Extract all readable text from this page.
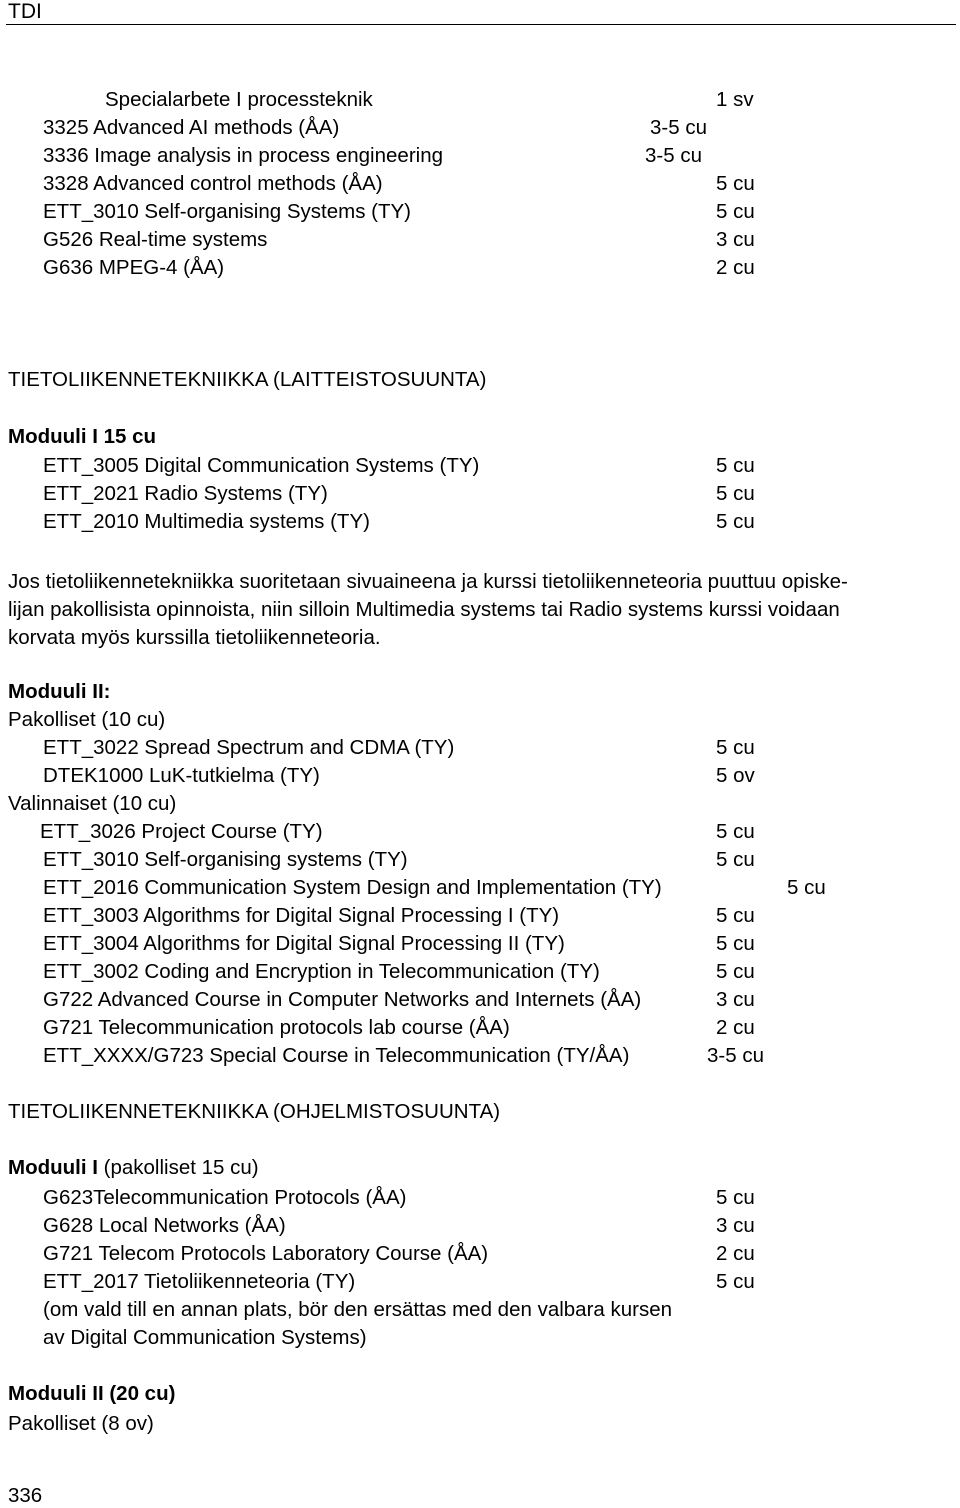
TDI
Specialarbete I processteknik	1 sv
3325 Advanced AI methods (ÅA)	3-5 cu
3336 Image analysis in process engineering	3-5 cu
3328 Advanced control methods (ÅA)	5 cu
ETT_3010 Self-organising Systems (TY)	5 cu
G526 Real-time systems	3 cu
G636 MPEG-4 (ÅA)	2 cu
TIETOLIIKENNETEKNIIKKA (LAITTEISTOSUUNTA)
Moduuli I 15 cu
ETT_3005 Digital Communication Systems (TY)	5 cu
ETT_2021 Radio Systems (TY)	5 cu
ETT_2010 Multimedia systems (TY)	5 cu
Jos tietoliikennetekniikka suoritetaan sivuaineena ja kurssi tietoliikenneteoria puuttuu opiske-
lijan pakollisista opinnoista, niin silloin Multimedia systems tai Radio systems kurssi voidaan
korvata myös kurssilla tietoliikenneteoria.
Moduuli II:
Pakolliset (10 cu)
ETT_3022 Spread Spectrum and CDMA (TY)	5 cu
DTEK1000 LuK-tutkielma (TY)	5 ov
Valinnaiset (10 cu)
ETT_3026 Project Course (TY)	5 cu
ETT_3010 Self-organising systems (TY)	5 cu
ETT_2016 Communication System Design and Implementation (TY)	5 cu
ETT_3003 Algorithms for Digital Signal Processing I (TY)	5 cu
ETT_3004 Algorithms for Digital Signal Processing II (TY)	5 cu
ETT_3002 Coding and Encryption in Telecommunication (TY)	5 cu
G722 Advanced Course in Computer Networks and Internets (ÅA)	3 cu
G721 Telecommunication protocols lab course (ÅA)	2 cu
ETT_XXXX/G723 Special Course in Telecommunication (TY/ÅA)	3-5 cu
TIETOLIIKENNETEKNIIKKA (OHJELMISTOSUUNTA)
Moduuli I (pakolliset 15 cu)
G623Telecommunication Protocols (ÅA)	5 cu
G628 Local Networks (ÅA)	3 cu
G721 Telecom Protocols Laboratory Course (ÅA)	2 cu
ETT_2017 Tietoliikenneteoria (TY)	5 cu
(om vald till en annan plats, bör den ersättas med den valbara kursen
av Digital Communication Systems)
Moduuli II (20 cu)
Pakolliset (8 ov)
336
